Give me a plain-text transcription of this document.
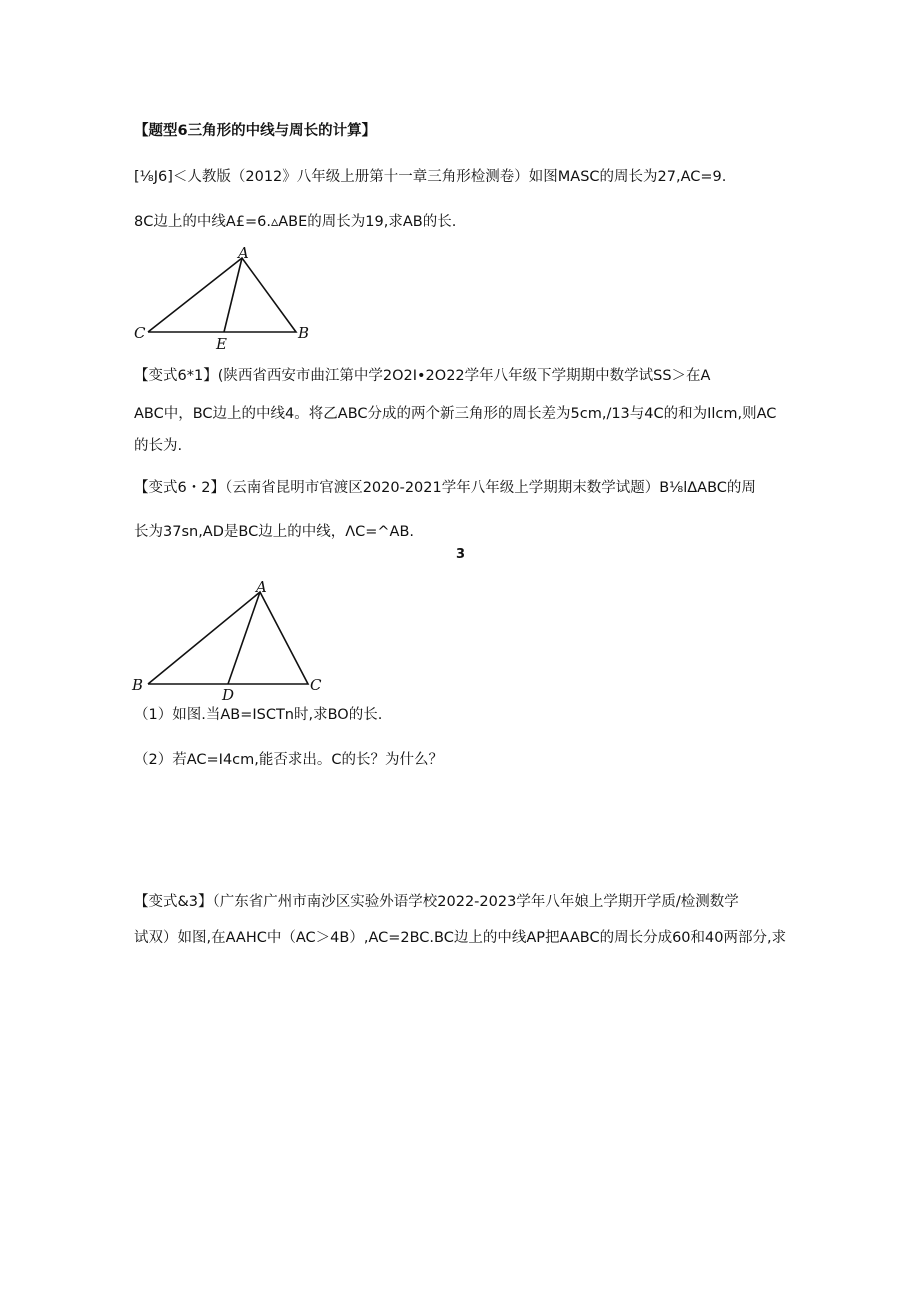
【题型6三角形的中线与周长的计算】

[⅛J6]＜人教版（2012》八年级上册第十一章三角形检测卷）如图MASC的周长为27,AC=9.

8C边上的中线A£=6.▵ABE的周长为19,求AB的长.

A
C	B
E

【变式6*1】(陕西省西安市曲江第中学2O2I•2O22学年八年级下学期期中数学试SS＞在A

ABC中，BC边上的中线4。将乙ABC分成的两个新三角形的周长差为5cm,/13与4C的和为Ilcm,则AC

的长为.

【变式6・2】（云南省昆明市官渡区2020-2021学年八年级上学期期末数学试题）B⅛lΔABC的周

长为37sn,AD是BC边上的中线，ΛC=^AB.

3
A
B	C
D

（1）如图.当AB=ISCTn时,求BO的长.

（2）若AC=I4cm,能否求出。C的长？为什么？

【变式&3】（广东省广州市南沙区实验外语学校2022-2023学年八年娘上学期开学质/检测数学

试双）如图,在AAHC中（AC＞4B）,AC=2BC.BC边上的中线AP把AABC的周长分成60和40两部分,求
